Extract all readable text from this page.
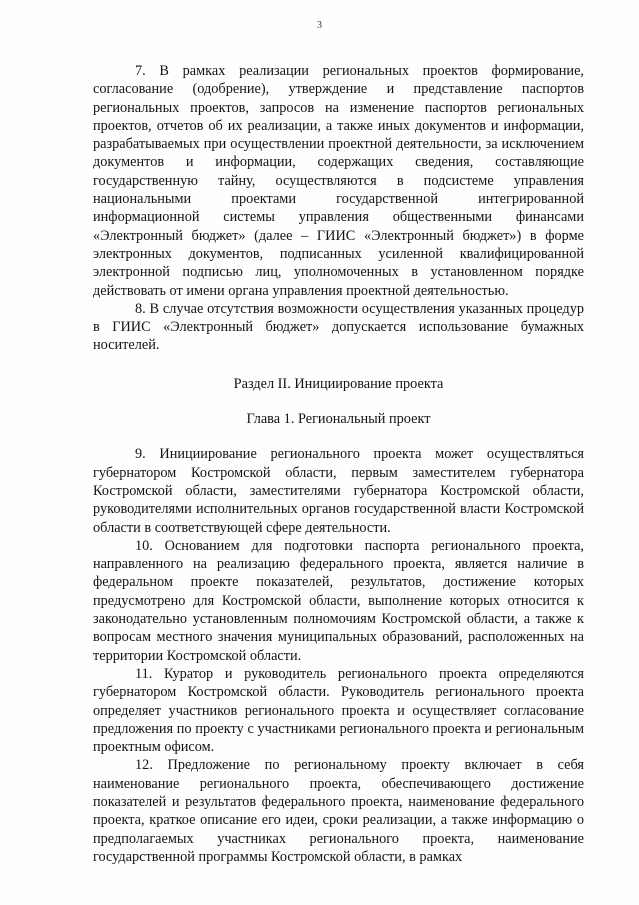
3

7. В рамках реализации региональных проектов формирование, согласование (одобрение), утверждение и представление паспортов региональных проектов, запросов на изменение паспортов региональных проектов, отчетов об их реализации, а также иных документов и информации, разрабатываемых при осуществлении проектной деятельности, за исключением документов и информации, содержащих сведения, составляющие государственную тайну, осуществляются в подсистеме управления национальными проектами государственной интегрированной информационной системы управления общественными финансами «Электронный бюджет» (далее – ГИИС «Электронный бюджет») в форме электронных документов, подписанных усиленной квалифицированной электронной подписью лиц, уполномоченных в установленном порядке действовать от имени органа управления проектной деятельностью.

8. В случае отсутствия возможности осуществления указанных процедур в ГИИС «Электронный бюджет» допускается использование бумажных носителей.

Раздел II. Инициирование проекта

Глава 1. Региональный проект

9. Инициирование регионального проекта может осуществляться губернатором Костромской области, первым заместителем губернатора Костромской области, заместителями губернатора Костромской области, руководителями исполнительных органов государственной власти Костромской области в соответствующей сфере деятельности.

10. Основанием для подготовки паспорта регионального проекта, направленного на реализацию федерального проекта, является наличие в федеральном проекте показателей, результатов, достижение которых предусмотрено для Костромской области, выполнение которых относится к законодательно установленным полномочиям Костромской области, а также к вопросам местного значения муниципальных образований, расположенных на территории Костромской области.

11. Куратор и руководитель регионального проекта определяются губернатором Костромской области. Руководитель регионального проекта определяет участников регионального проекта и осуществляет согласование предложения по проекту с участниками регионального проекта и региональным проектным офисом.

12. Предложение по региональному проекту включает в себя наименование регионального проекта, обеспечивающего достижение показателей и результатов федерального проекта, наименование федерального проекта, краткое описание его идеи, сроки реализации, а также информацию о предполагаемых участниках регионального проекта, наименование государственной программы Костромской области, в рамках
